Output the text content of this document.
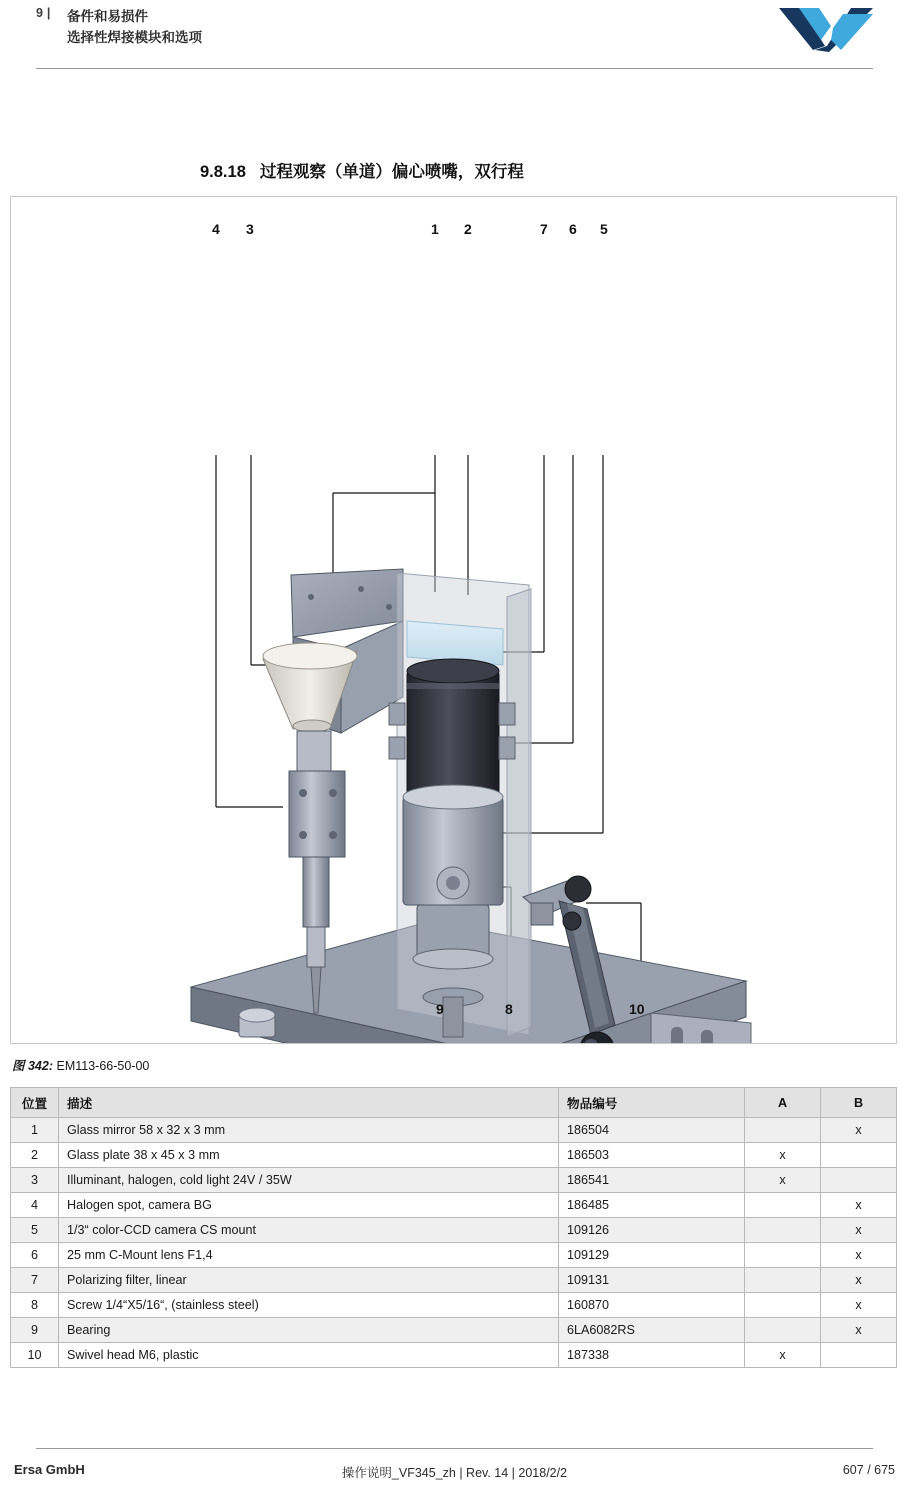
9 | 备件和易损件
选择性焊接模块和选项
9.8.18 过程观察（单道）偏心喷嘴，双行程
4 3	1 2	7 6 5
9	8	10
图 342: EM113-66-50-00
位置	描述	物品编号	A	B
1	Glass mirror 58 x 32 x 3 mm	186504		x
2	Glass plate 38 x 45 x 3 mm	186503	x	
3	Illuminant, halogen, cold light 24V / 35W	186541	x	
4	Halogen spot, camera BG	186485		x
5	1/3“ color-CCD camera CS mount	109126		x
6	25 mm C-Mount lens F1,4	109129		x
7	Polarizing filter, linear	109131		x
8	Screw 1/4“X5/16“, (stainless steel)	160870		x
9	Bearing	6LA6082RS		x
10	Swivel head M6, plastic	187338	x	
Ersa GmbH	操作说明_VF345_zh | Rev. 14 | 2018/2/2	607 / 675
